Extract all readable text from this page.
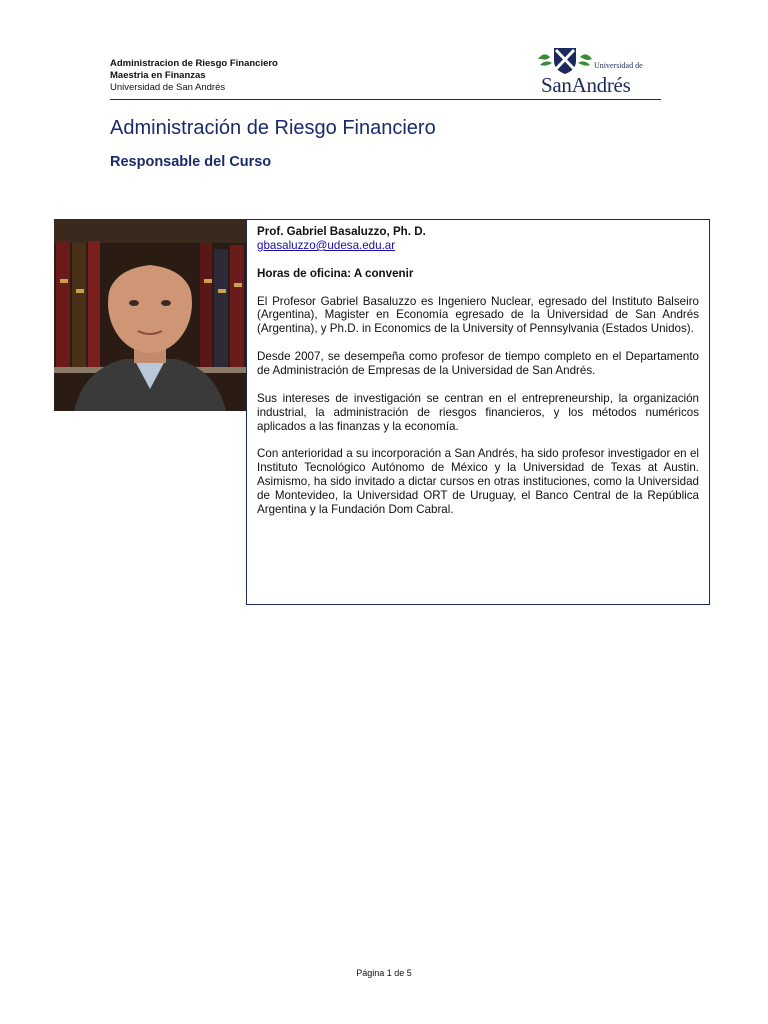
Administracion de Riesgo Financiero
Maestria en Finanzas
Universidad de San Andrés
Universidad de
SanAndrés
Administración de Riesgo Financiero
Responsable del Curso
Prof. Gabriel Basaluzzo, Ph. D.
gbasaluzzo@udesa.edu.ar

Horas de oficina: A convenir

El Profesor Gabriel Basaluzzo es Ingeniero Nuclear, egresado del Instituto Balseiro (Argentina), Magister en Economía egresado de la Universidad de San Andrés (Argentina), y Ph.D. in Economics de la University of Pennsylvania (Estados Unidos).

Desde 2007, se desempeña como profesor de tiempo completo en el Departamento de Administración de Empresas de la Universidad de San Andrés.

Sus intereses de investigación se centran en el entrepreneurship, la organización industrial, la administración de riesgos financieros, y los métodos numéricos aplicados a las finanzas y la economía.

Con anterioridad a su incorporación a San Andrés, ha sido profesor investigador en el Instituto Tecnológico Autónomo de México y la Universidad de Texas at Austin. Asimismo, ha sido invitado a dictar cursos en otras instituciones, como la Universidad de Montevideo, la Universidad ORT de Uruguay, el Banco Central de la República Argentina y la Fundación Dom Cabral.

Página 1 de 5
